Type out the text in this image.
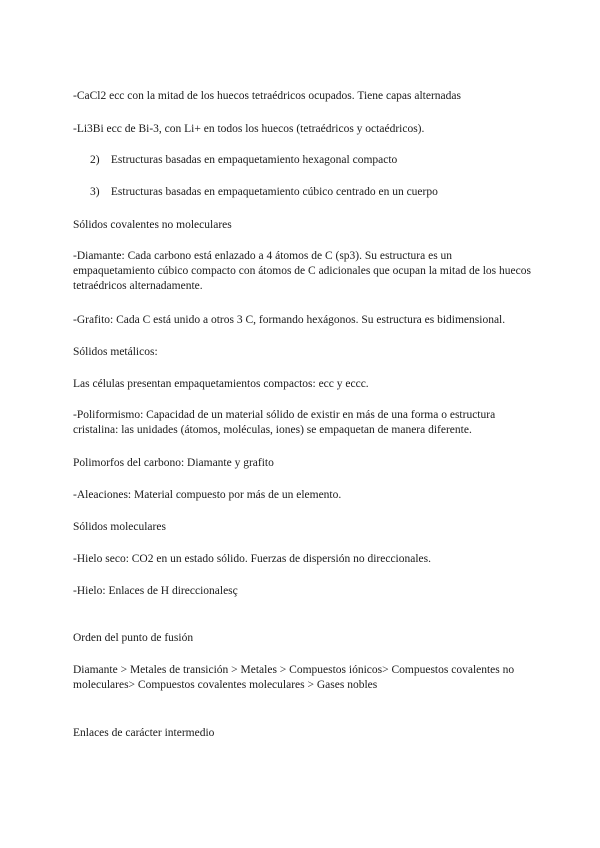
-CaCl2 ecc con la mitad de los huecos tetraédricos ocupados. Tiene capas alternadas

-Li3Bi ecc de Bi-3, con Li+ en todos los huecos (tetraédricos y octaédricos).

2) Estructuras basadas en empaquetamiento hexagonal compacto
3) Estructuras basadas en empaquetamiento cúbico centrado en un cuerpo

Sólidos covalentes no moleculares

-Diamante: Cada carbono está enlazado a 4 átomos de C (sp3). Su estructura es un empaquetamiento cúbico compacto con átomos de C adicionales que ocupan la mitad de los huecos tetraédricos alternadamente.

-Grafito: Cada C está unido a otros 3 C, formando hexágonos. Su estructura es bidimensional.

Sólidos metálicos:

Las células presentan empaquetamientos compactos: ecc y eccc.

-Poliformismo: Capacidad de un material sólido de existir en más de una forma o estructura cristalina: las unidades (átomos, moléculas, iones) se empaquetan de manera diferente.

Polimorfos del carbono: Diamante y grafito

-Aleaciones: Material compuesto por más de un elemento.

Sólidos moleculares

-Hielo seco: CO2 en un estado sólido. Fuerzas de dispersión no direccionales.

-Hielo: Enlaces de H direccionalesç

Orden del punto de fusión

Diamante > Metales de transición > Metales > Compuestos iónicos> Compuestos covalentes no moleculares> Compuestos covalentes moleculares > Gases nobles

Enlaces de carácter intermedio
